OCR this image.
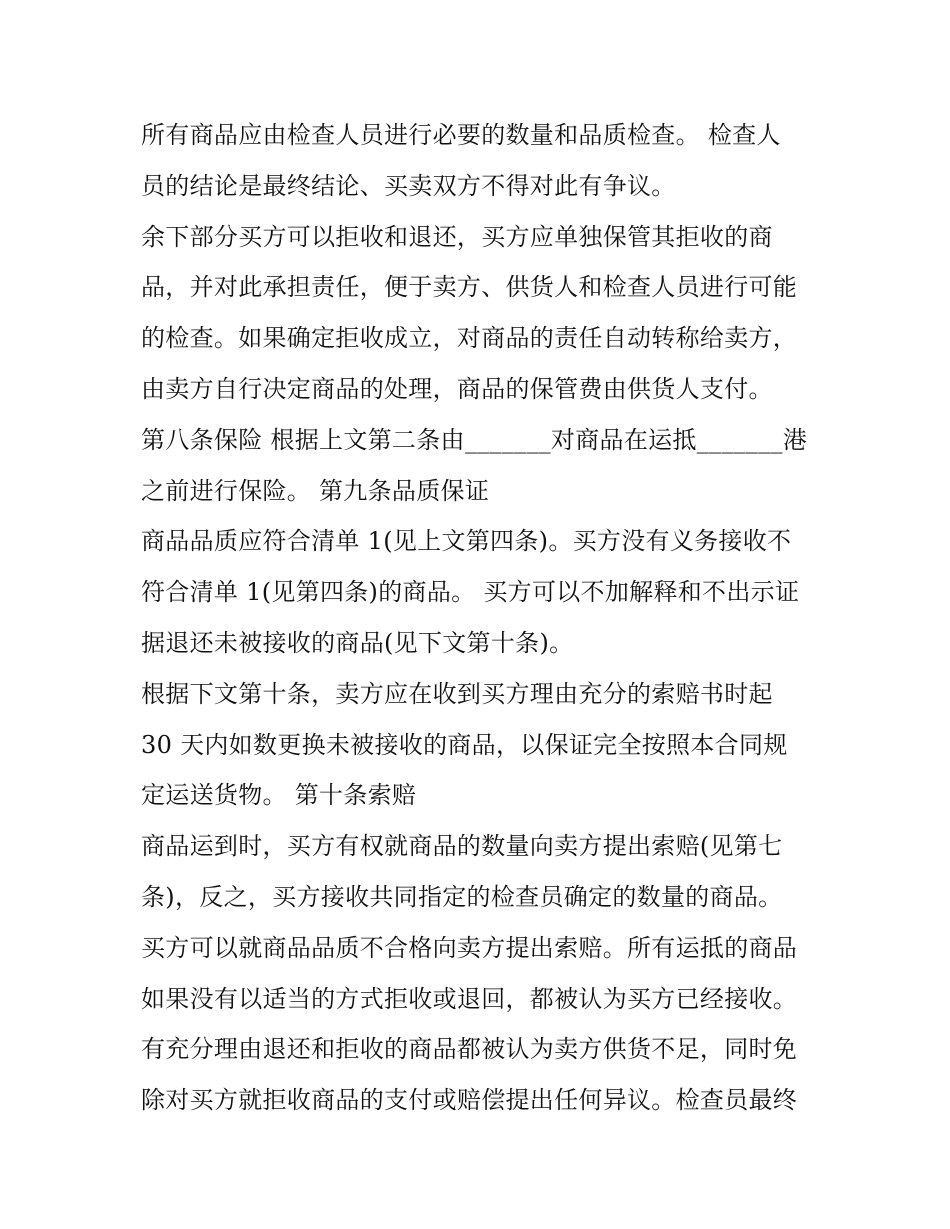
所有商品应由检查人员进行必要的数量和品质检查。 检查人
员的结论是最终结论、买卖双方不得对此有争议。
余下部分买方可以拒收和退还，买方应单独保管其拒收的商
品，并对此承担责任，便于卖方、供货人和检查人员进行可能
的检查。如果确定拒收成立，对商品的责任自动转称给卖方，
由卖方自行决定商品的处理，商品的保管费由供货人支付。
第八条保险 根据上文第二条由_______对商品在运抵_______港
之前进行保险。 第九条品质保证
商品品质应符合清单 1(见上文第四条)。买方没有义务接收不
符合清单 1(见第四条)的商品。 买方可以不加解释和不出示证
据退还未被接收的商品(见下文第十条)。
根据下文第十条，卖方应在收到买方理由充分的索赔书时起
30 天内如数更换未被接收的商品，以保证完全按照本合同规
定运送货物。 第十条索赔
商品运到时，买方有权就商品的数量向卖方提出索赔(见第七
条)，反之，买方接收共同指定的检查员确定的数量的商品。
买方可以就商品品质不合格向卖方提出索赔。所有运抵的商品
如果没有以适当的方式拒收或退回，都被认为买方已经接收。
有充分理由退还和拒收的商品都被认为卖方供货不足，同时免
除对买方就拒收商品的支付或赔偿提出任何异议。检查员最终
